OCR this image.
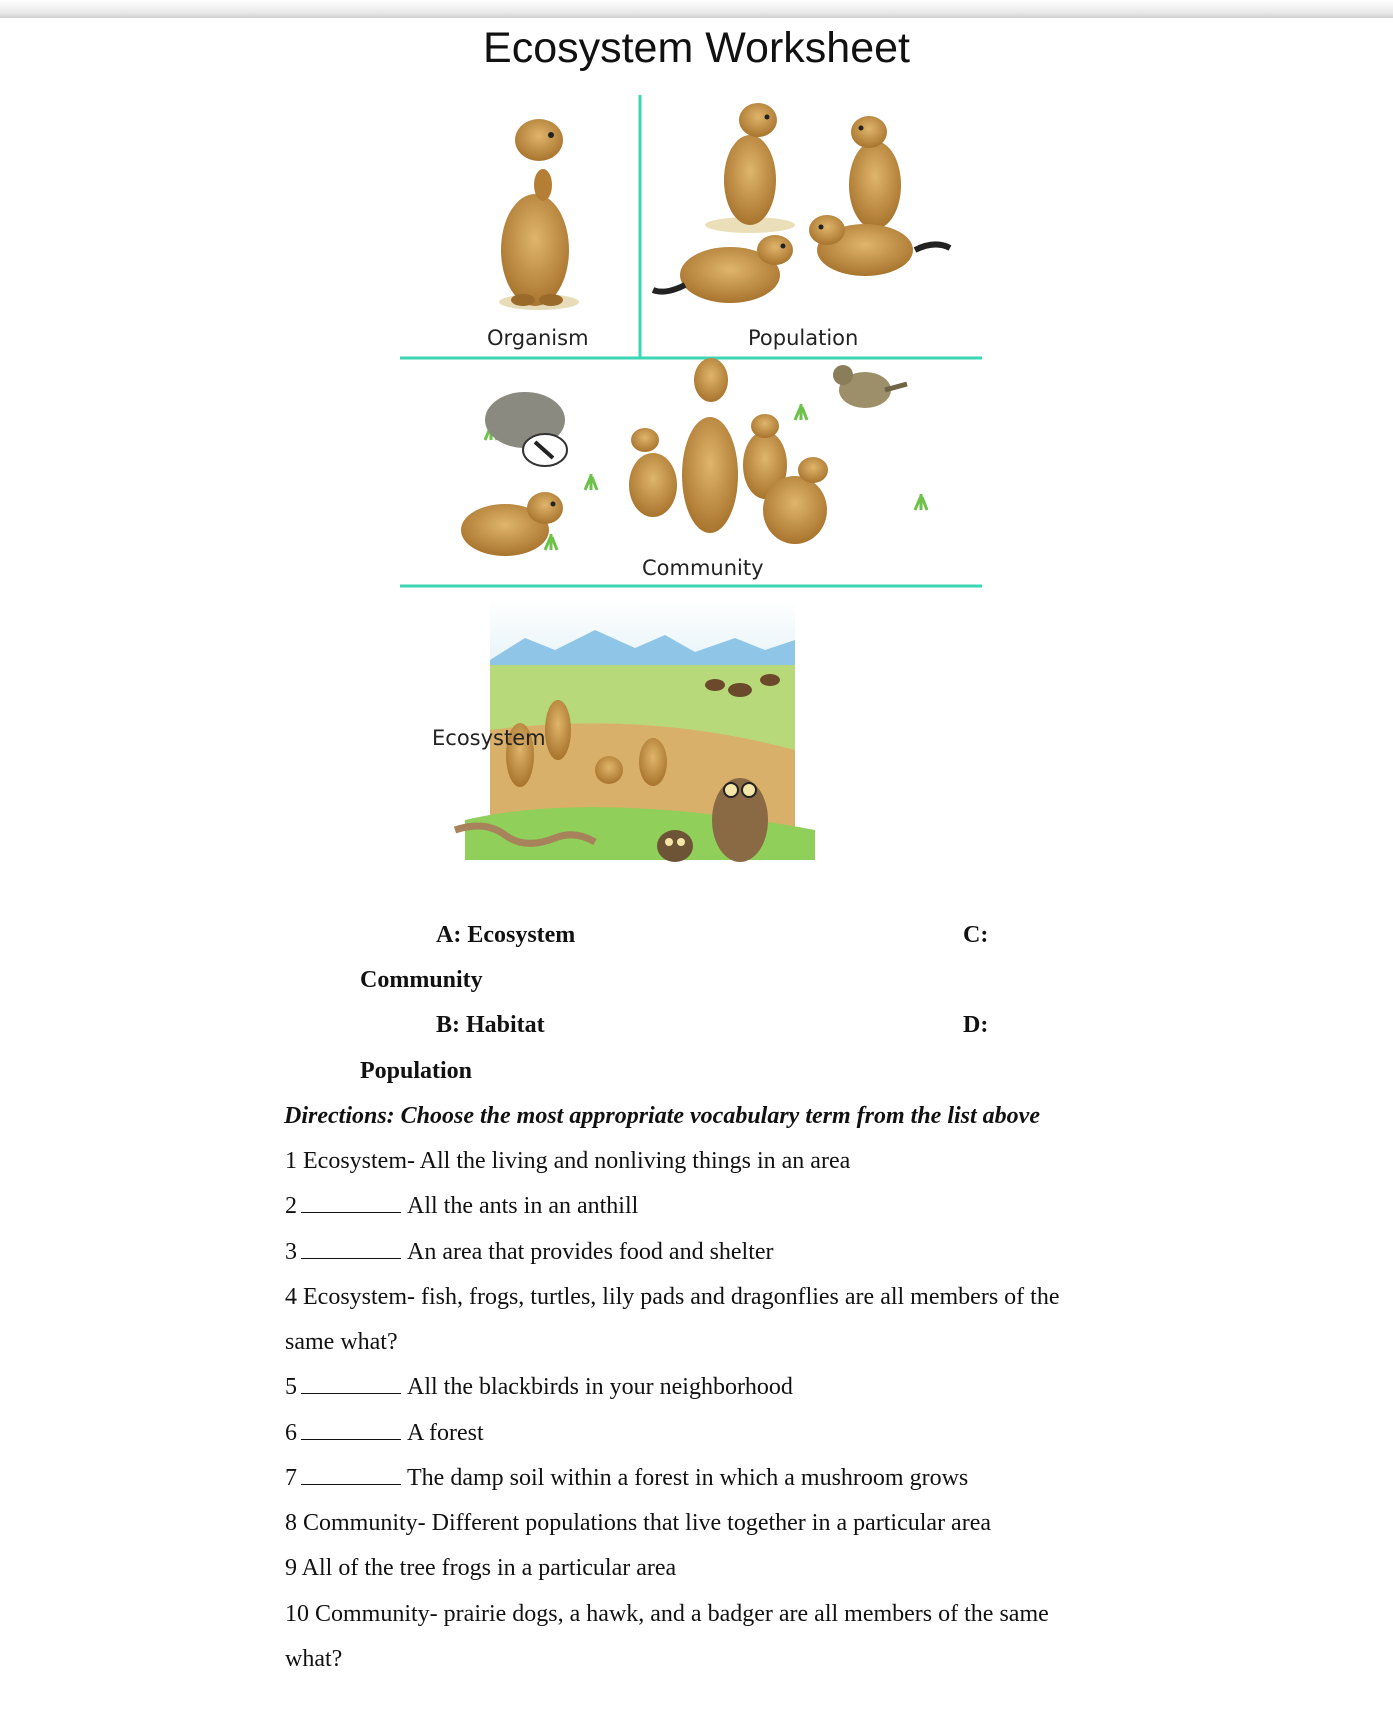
Ecosystem Worksheet
Organism	Population
Community
Ecosystem
A: Ecosystem	C:
Community
B: Habitat	D:
Population
Directions: Choose the most appropriate vocabulary term from the list above
1 Ecosystem- All the living and nonliving things in an area
2	All the ants in an anthill
3	An area that provides food and shelter
4 Ecosystem- fish, frogs, turtles, lily pads and dragonflies are all members of the
same what?
5	All the blackbirds in your neighborhood
6	A forest
7	The damp soil within a forest in which a mushroom grows
8 Community- Different populations that live together in a particular area
9 All of the tree frogs in a particular area
10 Community- prairie dogs, a hawk, and a badger are all members of the same
what?
